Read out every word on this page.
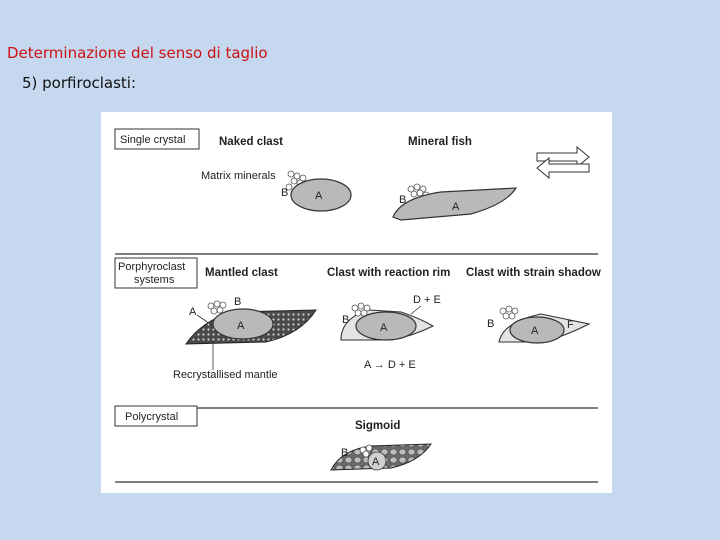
Determinazione del senso di taglio
5) porfiroclasti:
Single crystal	Naked clast	Mineral fish
Matrix minerals
A
B
A
B
Porphyroclast
systems
Mantled clast	Clast with reaction rim Clast with strain shadow
A
B
A
Recrystallised mantle
A
B
D + E
A → D + E
A
B	F
Polycrystal
Sigmoid
A
B
